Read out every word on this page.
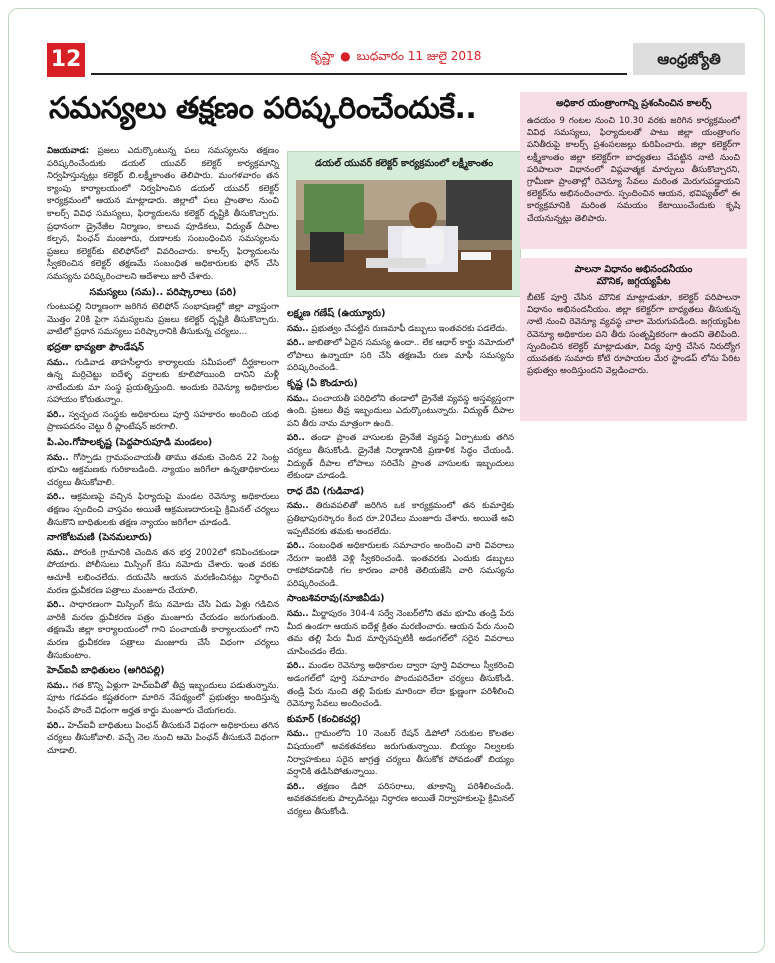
12	కృష్ణా ● బుధవారం 11 జులై 2018	ఆంధ్రజ్యోతి
సమస్యలు తక్షణం పరిష్కరించేందుకే..

విజయవాడ: ప్రజలు ఎదుర్కొంటున్న పలు సమస్యలను తక్షణం పరిష్కరించేందుకు డయల్ యువర్ కలెక్టర్ కార్యక్రమాన్ని నిర్వహిస్తున్నట్లు కలెక్టర్ బి.లక్ష్మీకాంతం తెలిపారు. మంగళవారం తన క్యాంపు కార్యాలయంలో నిర్వహించిన డయల్ యువర్ కలెక్టర్ కార్యక్రమంలో ఆయన మాట్లాడారు. జిల్లాలో పలు ప్రాంతాల నుంచి కాలర్స్ వివిధ సమస్యలు, ఫిర్యాదులను కలెక్టర్ దృష్టికి తీసుకొచ్చారు. ప్రధానంగా డ్రైనేజీల నిర్మాణం, కాలువ పూడికలు, విద్యుత్ దీపాల కల్పన, పింఛన్ మంజూరు, రుణాలకు సంబంధించిన సమస్యలను ప్రజలు కలెక్టర్‌కు టెలిఫోన్‌లో వివరించారు. కాలర్స్ ఫిర్యాదులను స్వీకరించిన కలెక్టర్ తక్షణమే సంబంధిత అధికారులకు ఫోన్ చేసి సమస్యను పరిష్కరించాలని ఆదేశాలు జారీ చేశారు.

సమస్యలు (సమ).. పరిష్కారాలు (పరి)

గుంటుపల్లి నిర్మాణంగా జరిగిన టెలిఫోన్ సంభాషణల్లో జిల్లా వ్యాప్తంగా మొత్తం 20కి పైగా సమస్యలను ప్రజలు కలెక్టర్ దృష్టికి తీసుకొచ్చారు. వాటిలో ప్రధాన సమస్యలు పరిష్కారానికి తీసుకున్న చర్యలు...

భద్రతా భావ్యతా ఫౌండేషన్

సమ.. గుడివాడ తాహసీల్దారు కార్యాలయ సమీపంలో దీర్ఘకాలంగా ఉన్న మర్రిచెట్టు ఐదేళ్ళ వర్షాలకు కూలిపోయింది దానిని మళ్లీ నాటేందుకు మా సంస్థ ప్రయత్నిస్తుంది. అందుకు రెవెన్యూ అధికారుల సహాయం కోరుతున్నాం.

పరి.. స్వచ్ఛంద సంస్థకు అధికారులు పూర్తి సహకారం అందించి యథ ప్రాణపదనం చెట్టు రీ ప్లాంటేషన్ జరగాలి.

పి.ఎం.గోపాలకృష్ణ (పెద్దపారుపూడి మండలం)

సమ.. గోస్పాడు గ్రామపంచాయతీ తాము తమకు చెందిన 22 సెంట్ల భూమి ఆక్రమణకు గురికాబడింది. న్యాయం జరిగేలా ఉన్నతాధికారులు చర్యలు తీసుకోవాలి.

పరి.. ఆక్రమణపై వచ్చిన ఫిర్యాదుపై మండల రెవెన్యూ అధికారులు తక్షణం స్పందించి వాస్తవం అయితే ఆక్రమణదారులపై క్రిమినల్ చర్యలు తీసుకొని బాధితులకు తక్షణ న్యాయం జరిగేలా చూడండి.

నాగకోటమణి (పెనమలూరు)

సమ.. పోరంకి గ్రామానికి చెందిన తన భర్త 2002లో కనిపించకుండా పోయారు. పోలీసులు మిస్సింగ్ కేసు నమోదు చేశారు. ఇంత వరకు ఆచూకీ లభించలేదు. దయచేసి ఆయన మరణించినట్లు నిర్ధారించి మరణ ధ్రువీకరణ పత్రాలు మంజూరు చేయాలి.

పరి.. సాధారణంగా మిస్సింగ్ కేసు నమోదు చేసి ఏడు ఏళ్లు గడిచిన వారికి మరణ ధ్రువీకరణ పత్రం మంజూరు చేయడం జరుగుతుంది. తక్షణమే జిల్లా కార్యాలయంలో గాని పంచాయతీ కార్యాలయంలో గాని మరణ ధ్రువీకరణ పత్రాలు మంజూరు చేసే విధంగా చర్యలు తీసుకుంటాం.

హెచ్‌ఐవీ బాధితులం (అగిరిపల్లి)

సమ.. గత కొన్ని ఏళ్లుగా హెచ్‌ఐవీతో తీవ్ర ఇబ్బందులు పడుతున్నాను. పూట గడవడం కష్టతరంగా మారిన నేపథ్యంలో ప్రభుత్వం అందిస్తున్న పింఛన్ పొందే విధంగా అర్హత కార్డు మంజూరు చేయగలరు.

పరి.. హెచ్‌ఐవీ బాధితులు పింఛన్ తీసుకునే విధంగా అధికారులు తగిన చర్యలు తీసుకోవాలి. వచ్చే నెల నుంచి ఆమె పింఛన్ తీసుకునే విధంగా చూడాలి.

డయల్ యువర్ కలెక్టర్ కార్యక్రమంలో లక్ష్మీకాంతం
లక్ష్మణ గణేష్ (ఉయ్యూరు)

సమ.. ప్రభుత్వం చేపట్టిన రుణమాఫీ డబ్బులు ఇంతవరకు పడలేదు.

పరి.. జాబితాలో ఏదైన సమస్య ఉందా.. లేక ఆధార్ కార్డు నమోదులో లోపాలు ఉన్నాయా సరి చేసి తక్షణమే రుణ మాఫీ సమస్యను పరిష్కరించండి.

కృష్ణ (ఏ కొండూరు)

సమ.. పంచాయతీ పరిధిలోని తండాలో డ్రైనేజీ వ్యవస్థ అస్తవ్యస్తంగా ఉంది. ప్రజలు తీవ్ర ఇబ్బందులు ఎదుర్కొంటున్నారు. విద్యుత్ దీపాల పని తీరు నామ మాత్రంగా ఉంది.

పరి.. తండా ప్రాంత వాసులకు డ్రైనేజీ వ్యవస్థ ఏర్పాటుకు తగిన చర్యలు తీసుకోండి. డ్రైనేజీ నిర్మాణానికి ప్రణాళిక సిద్ధం చేయండి. విద్యుత్ దీపాల లోపాలు సరిచేసి ప్రాంత వాసులకు ఇబ్బందులు లేకుండా చూడండి.

రాధ దేవి (గుడివాడ)

సమ.. తిరువపలితో జరిగిన ఒక కార్యక్రమంలో తన కుమార్తెకు ప్రతిభాపురస్కారం కింద రూ.20వేలు మంజూరు చేశారు. అయితే అవి ఇప్పటివరకు తమకు అందలేదు.

పరి.. సంబంధిత అధికారులకు సమాచారం అందించి వారి వివరాలు నేరుగా ఇంటికి వెళ్లి స్వీకరించండి. ఇంతవరకు ఎందుకు డబ్బులు రాకపోవడానికి గల కారణం వారికి తెలియజేసి వారి సమస్యను పరిష్కరించండి.

సాంబశివరావు(నూజివీడు)

సమ.. మీర్జాపురం 304-4 సర్వే నెంబర్‌లోని తమ భూమి తండ్రి పేరు మీద ఉండగా ఆయన ఐదేళ్ల క్రితం మరణించారు. ఆయన పేరు నుంచి తమ తల్లి పేరు మీద మార్చినప్పటికీ అడంగల్‌లో సరైన వివరాలు చూపించడం లేదు.

పరి.. మండల రెవెన్యూ అధికారుల ద్వారా పూర్తి వివరాలు స్వీకరించి అడంగల్‌లో పూర్తి సమాచారం పొందుపరిచేలా చర్యలు తీసుకోండి. తండ్రి పేరు నుంచి తల్లి పేరుకు మారిందా లేదా క్షుణ్ణంగా పరిశీలించి రెవెన్యూ సేవలు అందించండి.

కుమార్ (కంచికచర్ల)

సమ.. గ్రామంలోని 10 నెంబర్ రేషన్ డిపోలో సరుకుల కొలతల విషయంలో అవకతవకలు జరుగుతున్నాయి. బియ్యం నిల్వలకు నిర్వాహకులు సరైన జాగ్రత్త చర్యలు తీసుకోక పోవడంతో బియ్యం వర్షానికి తడిసిపోతున్నాయి.

పరి.. తక్షణం డిపో పరిసరాలు, తూకాన్ని పరిశీలించండి. అవకతవకలకు పాల్పడినట్లు నిర్ధారణ అయితే నిర్వాహకులపై క్రిమినల్ చర్యలు తీసుకోండి.

అధికార యంత్రాంగాన్ని ప్రశంసించిన కాలర్స్
ఉదయం 9 గంటల నుంచి 10.30 వరకు జరిగిన కార్యక్రమంలో వివిధ సమస్యలు, ఫిర్యాదులతో పాటు జిల్లా యంత్రాంగం పనితీరుపై కాలర్స్ ప్రశంసలజల్లు కురిపించారు. జిల్లా కలెక్టర్‌గా లక్ష్మీకాంతం జిల్లా కలెక్టర్‌గా బాధ్యతలు చేపట్టిన నాటి నుంచి పరిపాలనా విధానంలో విప్లవాత్మక మార్పులు తీసుకొచ్చారని, గ్రామీణా ప్రాంతాల్లో రెవెన్యూ సేవలు మరింత మెరుగుపడ్డాయని కలెక్టర్‌ను అభినందించారు. స్పందించిన ఆయన, భవిష్యత్‌లో ఈ కార్యక్రమానికి మరింత సమయం కేటాయించేందుకు కృషి చేయనున్నట్లు తెలిపారు.
పాలనా విధానం అభినందనీయం
మౌనిక, జగ్గయ్యపేట
బీటెక్ పూర్తి చేసిన మౌనిక మాట్లాడుతూ, కలెక్టర్ పరిపాలనా విధానం అభినందనీయం. జిల్లా కలెక్టర్‌గా బాధ్యతలు తీసుకున్న నాటి నుంచి రెవెన్యూ వ్యవస్థ చాలా మెరుగుపడింది. జగ్గయ్యపేట రెవెన్యూ అధికారుల పని తీరు సంతృప్తికరంగా ఉందని తెలిపింది. స్పందించిన కలెక్టర్ మాట్లాడుతూ, విద్య పూర్తి చేసిన నిరుద్యోగ యువతకు సుమారు కోటి రూపాయల మేర స్టాండప్ లోను పేరిట ప్రభుత్వం అందిస్తుందని వెల్లడించారు.
